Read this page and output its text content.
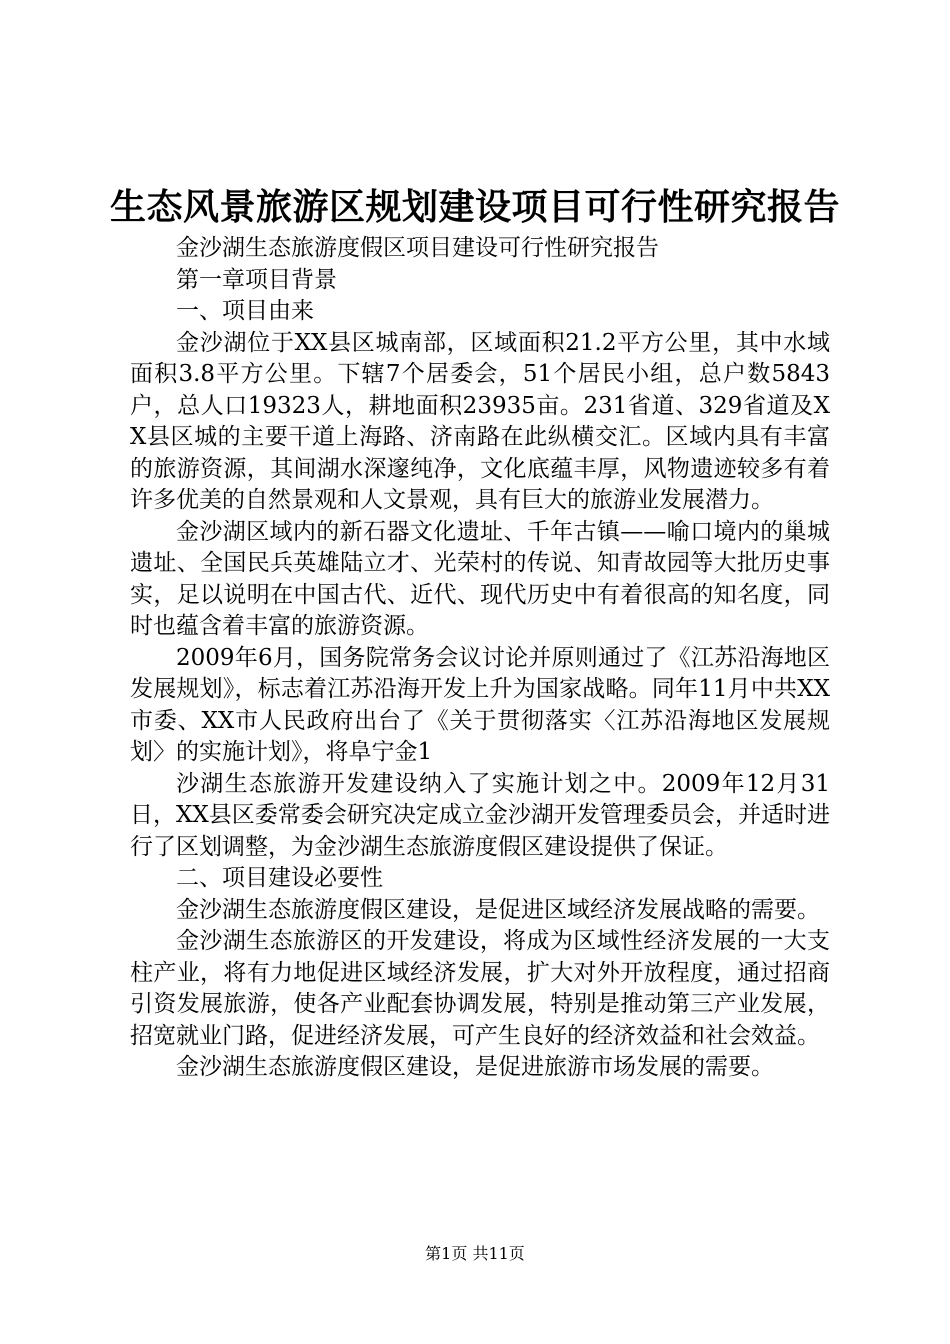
生态风景旅游区规划建设项目可行性研究报告

金沙湖生态旅游度假区项目建设可行性研究报告

第一章项目背景

一、项目由来

金沙湖位于XX县区城南部，区域面积21.2平方公里，其中水域面积3.8平方公里。下辖7个居委会，51个居民小组，总户数5843户，总人口19323人，耕地面积23935亩。231省道、329省道及XX县区城的主要干道上海路、济南路在此纵横交汇。区域内具有丰富的旅游资源，其间湖水深邃纯净，文化底蕴丰厚，风物遗迹较多有着许多优美的自然景观和人文景观，具有巨大的旅游业发展潜力。

金沙湖区域内的新石器文化遗址、千年古镇——喻口境内的巢城遗址、全国民兵英雄陆立才、光荣村的传说、知青故园等大批历史事实，足以说明在中国古代、近代、现代历史中有着很高的知名度，同时也蕴含着丰富的旅游资源。

2009年6月，国务院常务会议讨论并原则通过了《江苏沿海地区发展规划》，标志着江苏沿海开发上升为国家战略。同年11月中共XX市委、XX市人民政府出台了《关于贯彻落实〈江苏沿海地区发展规划〉的实施计划》，将阜宁金1

沙湖生态旅游开发建设纳入了实施计划之中。2009年12月31日，XX县区委常委会研究决定成立金沙湖开发管理委员会，并适时进行了区划调整，为金沙湖生态旅游度假区建设提供了保证。

二、项目建设必要性

金沙湖生态旅游度假区建设，是促进区域经济发展战略的需要。

金沙湖生态旅游区的开发建设，将成为区域性经济发展的一大支柱产业，将有力地促进区域经济发展，扩大对外开放程度，通过招商引资发展旅游，使各产业配套协调发展，特别是推动第三产业发展，招宽就业门路，促进经济发展，可产生良好的经济效益和社会效益。

金沙湖生态旅游度假区建设，是促进旅游市场发展的需要。

第1页 共11页
